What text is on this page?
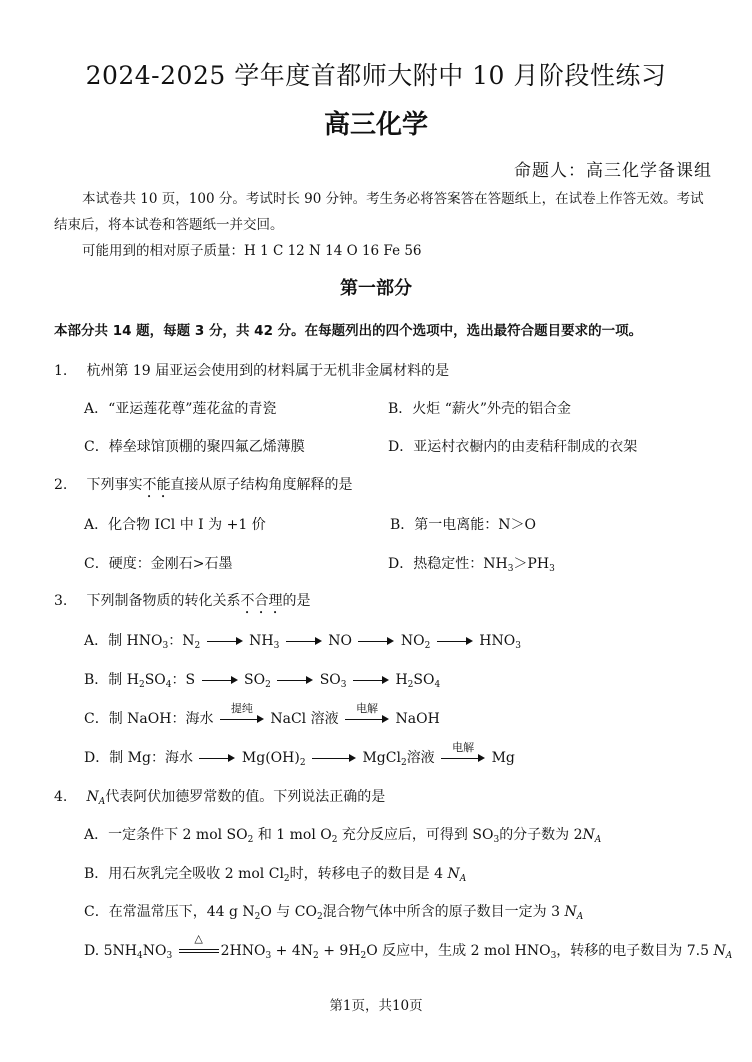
2024-2025 学年度首都师大附中 10 月阶段性练习
高三化学
命题人：高三化学备课组
本试卷共 10 页，100 分。考试时长 90 分钟。考生务必将答案答在答题纸上，在试卷上作答无效。考试结束后，将本试卷和答题纸一并交回。
可能用到的相对原子质量：H 1 C 12 N 14 O 16 Fe 56
第一部分
本部分共 14 题，每题 3 分，共 42 分。在每题列出的四个选项中，选出最符合题目要求的一项。
1. 杭州第 19 届亚运会使用到的材料属于无机非金属材料的是
A．“亚运莲花尊”莲花盆的青瓷	B．火炬 “薪火”外壳的铝合金
C．棒垒球馆顶棚的聚四氟乙烯薄膜	D．亚运村衣橱内的由麦秸秆制成的衣架
2. 下列事实不能直接从原子结构角度解释的是
A．化合物 ICl 中 I 为 +1 价	B．第一电离能：N＞O
C．硬度：金刚石>石墨	D．热稳定性：$NH_3>PH_3$
3. 下列制备物质的转化关系不合理的是
A．制 $HNO_3$：$N_2$	$NH_3$	NO	$NO_2$	$HNO_3$
B．制 $H_2SO_4$：S	$SO_2$	$SO_3$	$H_2SO_4$
C．制 NaOH：海水
提纯
NaCl 溶液
电解
NaOH
D．制 Mg：海水	$Mg(OH)_2$	MgCl$_2$溶液
电解
Mg
4. $N_A$代表阿伏加德罗常数的值。下列说法正确的是
A．一定条件下 2 mol $SO_2$ 和 1 mol $O_2$ 充分反应后，可得到 $SO_3$的分子数为 $2N_A$
B．用石灰乳完全吸收 2 mol $Cl_2$时，转移电子的数目是 4 $N_A$
C．在常温常压下，44 g $N_2O$ 与 $CO_2$混合物气体中所含的原子数目一定为 3 $N_A$
D. $5NH_4NO_3$
△
$2HNO_3 + 4N_2 + 9H_2O$ 反应中，生成 2 mol $HNO_3$，转移的电子数目为 7.5 $N_A$
第1页，共10页
